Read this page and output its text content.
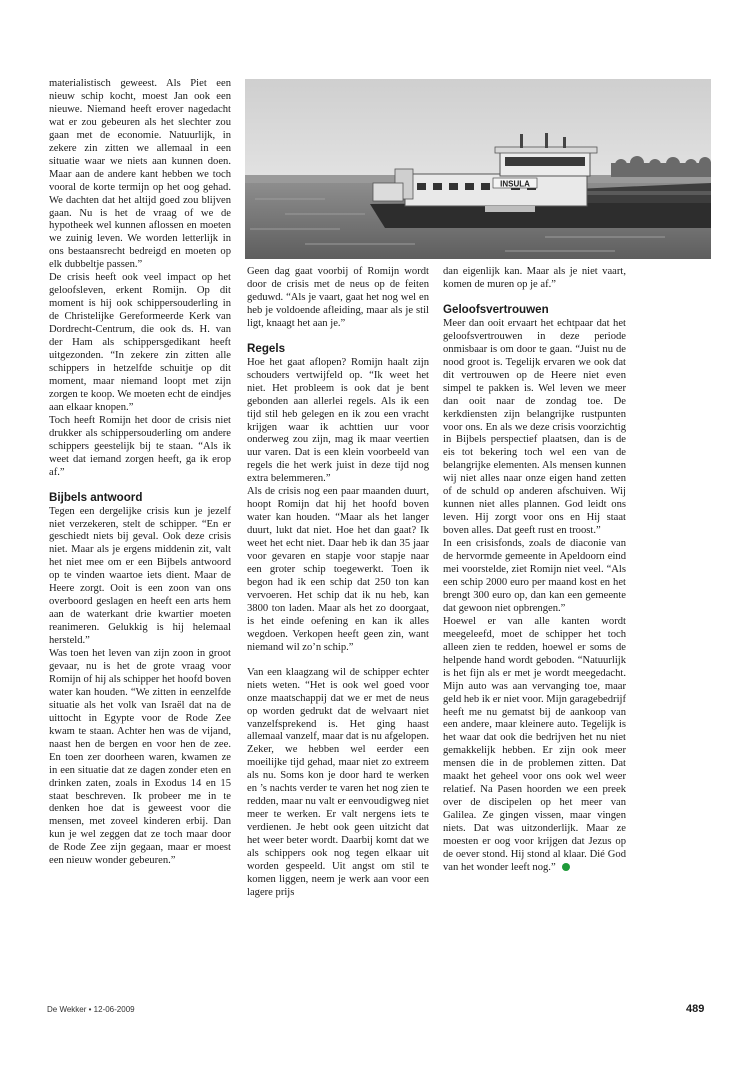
INSULA

materialistisch geweest. Als Piet een nieuw schip kocht, moest Jan ook een nieuwe. Niemand heeft erover nagedacht wat er zou gebeuren als het slechter zou gaan met de economie. Natuurlijk, in zekere zin zitten we allemaal in een situatie waar we niets aan kunnen doen. Maar aan de andere kant hebben we toch vooral de korte termijn op het oog gehad. We dachten dat het altijd goed zou blijven gaan. Nu is het de vraag of we de hypotheek wel kunnen aflossen en moeten we zuinig leven. We worden letterlijk in ons bestaansrecht bedreigd en moeten op elk dubbeltje passen.”

De crisis heeft ook veel impact op het geloofsleven, erkent Romijn. Op dit moment is hij ook schippersouderling in de Christelijke Gereformeerde Kerk van Dordrecht-Centrum, die ook ds. H. van der Ham als schippersgedikant heeft uitgezonden. “In zekere zin zitten alle schippers in hetzelfde schuitje op dit moment, maar niemand loopt met zijn zorgen te koop. We moeten echt de eindjes aan elkaar knopen.”

Toch heeft Romijn het door de crisis niet drukker als schippersouderling om andere schippers geestelijk bij te staan. “Als ik weet dat iemand zorgen heeft, ga ik erop af.”

Bijbels antwoord

Tegen een dergelijke crisis kun je jezelf niet verzekeren, stelt de schipper. “En er geschiedt niets bij geval. Ook deze crisis niet. Maar als je ergens middenin zit, valt het niet mee om er een Bijbels antwoord op te vinden waartoe iets dient. Maar de Heere zorgt. Ooit is een zoon van ons overboord geslagen en heeft een arts hem aan de waterkant drie kwartier moeten reanimeren. Gelukkig is hij helemaal hersteld.”

Was toen het leven van zijn zoon in groot gevaar, nu is het de grote vraag voor Romijn of hij als schipper het hoofd boven water kan houden. “We zitten in eenzelfde situatie als het volk van Israël dat na de uittocht in Egypte voor de Rode Zee kwam te staan. Achter hen was de vijand, naast hen de bergen en voor hen de zee. En toen zer doorheen waren, kwamen ze in een situatie dat ze dagen zonder eten en drinken zaten, zoals in Exodus 14 en 15 staat beschreven. Ik probeer me in te denken hoe dat is geweest voor die mensen, met zoveel kinderen erbij. Dan kun je wel zeggen dat ze toch maar door de Rode Zee zijn gegaan, maar er moest een nieuw wonder gebeuren.”

Geen dag gaat voorbij of Romijn wordt door de crisis met de neus op de feiten geduwd. “Als je vaart, gaat het nog wel en heb je voldoende afleiding, maar als je stil ligt, knaagt het aan je.”

Regels

Hoe het gaat aflopen? Romijn haalt zijn schouders vertwijfeld op. “Ik weet het niet. Het probleem is ook dat je bent gebonden aan allerlei regels. Als ik een tijd stil heb gelegen en ik zou een vracht krijgen waar ik achttien uur voor onderweg zou zijn, mag ik maar veertien uur varen. Dat is een klein voorbeeld van regels die het werk juist in deze tijd nog extra belemmeren.”

Als de crisis nog een paar maanden duurt, hoopt Romijn dat hij het hoofd boven water kan houden. “Maar als het langer duurt, lukt dat niet. Hoe het dan gaat? Ik weet het echt niet. Daar heb ik dan 35 jaar voor gevaren en stapje voor stapje naar een groter schip toegewerkt. Toen ik begon had ik een schip dat 250 ton kan vervoeren. Het schip dat ik nu heb, kan 3800 ton laden. Maar als het zo doorgaat, is het einde oefening en kan ik alles wegdoen. Verkopen heeft geen zin, want niemand wil zo’n schip.”

Van een klaagzang wil de schipper echter niets weten. “Het is ook wel goed voor onze maatschappij dat we er met de neus op worden gedrukt dat de welvaart niet vanzelfsprekend is. Het ging haast allemaal vanzelf, maar dat is nu afgelopen. Zeker, we hebben wel eerder een moeilijke tijd gehad, maar niet zo extreem als nu. Soms kon je door hard te werken en ’s nachts verder te varen het nog zien te redden, maar nu valt er eenvoudigweg niet meer te werken. Er valt nergens iets te verdienen. Je hebt ook geen uitzicht dat het weer beter wordt. Daarbij komt dat we als schippers ook nog tegen elkaar uit worden gespeeld. Uit angst om stil te komen liggen, neem je werk aan voor een lagere prijs

dan eigenlijk kan. Maar als je niet vaart, komen de muren op je af.”

Geloofsvertrouwen

Meer dan ooit ervaart het echtpaar dat het geloofsvertrouwen in deze periode onmisbaar is om door te gaan. “Juist nu de nood groot is. Tegelijk ervaren we ook dat dit vertrouwen op de Heere niet even simpel te pakken is. Wel leven we meer dan ooit naar de zondag toe. De kerkdiensten zijn belangrijke rustpunten voor ons. En als we deze crisis voorzichtig in Bijbels perspectief plaatsen, dan is de eis tot bekering toch wel een van de belangrijke elementen. Als mensen kunnen wij niet alles naar onze eigen hand zetten of de schuld op anderen afschuiven. Wij kunnen niet alles plannen. God leidt ons leven. Hij zorgt voor ons en Hij staat boven alles. Dat geeft rust en troost.”

In een crisisfonds, zoals de diaconie van de hervormde gemeente in Apeldoorn eind mei voorstelde, ziet Romijn niet veel. “Als een schip 2000 euro per maand kost en het brengt 300 euro op, dan kan een gemeente dat gewoon niet opbrengen.”

Hoewel er van alle kanten wordt meegeleefd, moet de schipper het toch alleen zien te redden, hoewel er soms de helpende hand wordt geboden. “Natuurlijk is het fijn als er met je wordt meegedacht. Mijn auto was aan vervanging toe, maar geld heb ik er niet voor. Mijn garagebedrijf heeft me nu gematst bij de aankoop van een andere, maar kleinere auto. Tegelijk is het waar dat ook die bedrijven het nu niet gemakkelijk hebben. Er zijn ook meer mensen die in de problemen zitten. Dat maakt het geheel voor ons ook wel weer relatief. Na Pasen hoorden we een preek over de discipelen op het meer van Galilea. Ze gingen vissen, maar vingen niets. Dat was uitzonderlijk. Maar ze moesten er oog voor krijgen dat Jezus op de oever stond. Hij stond al klaar. Dié God van het wonder leeft nog.”

De Wekker • 12-06-2009	489
